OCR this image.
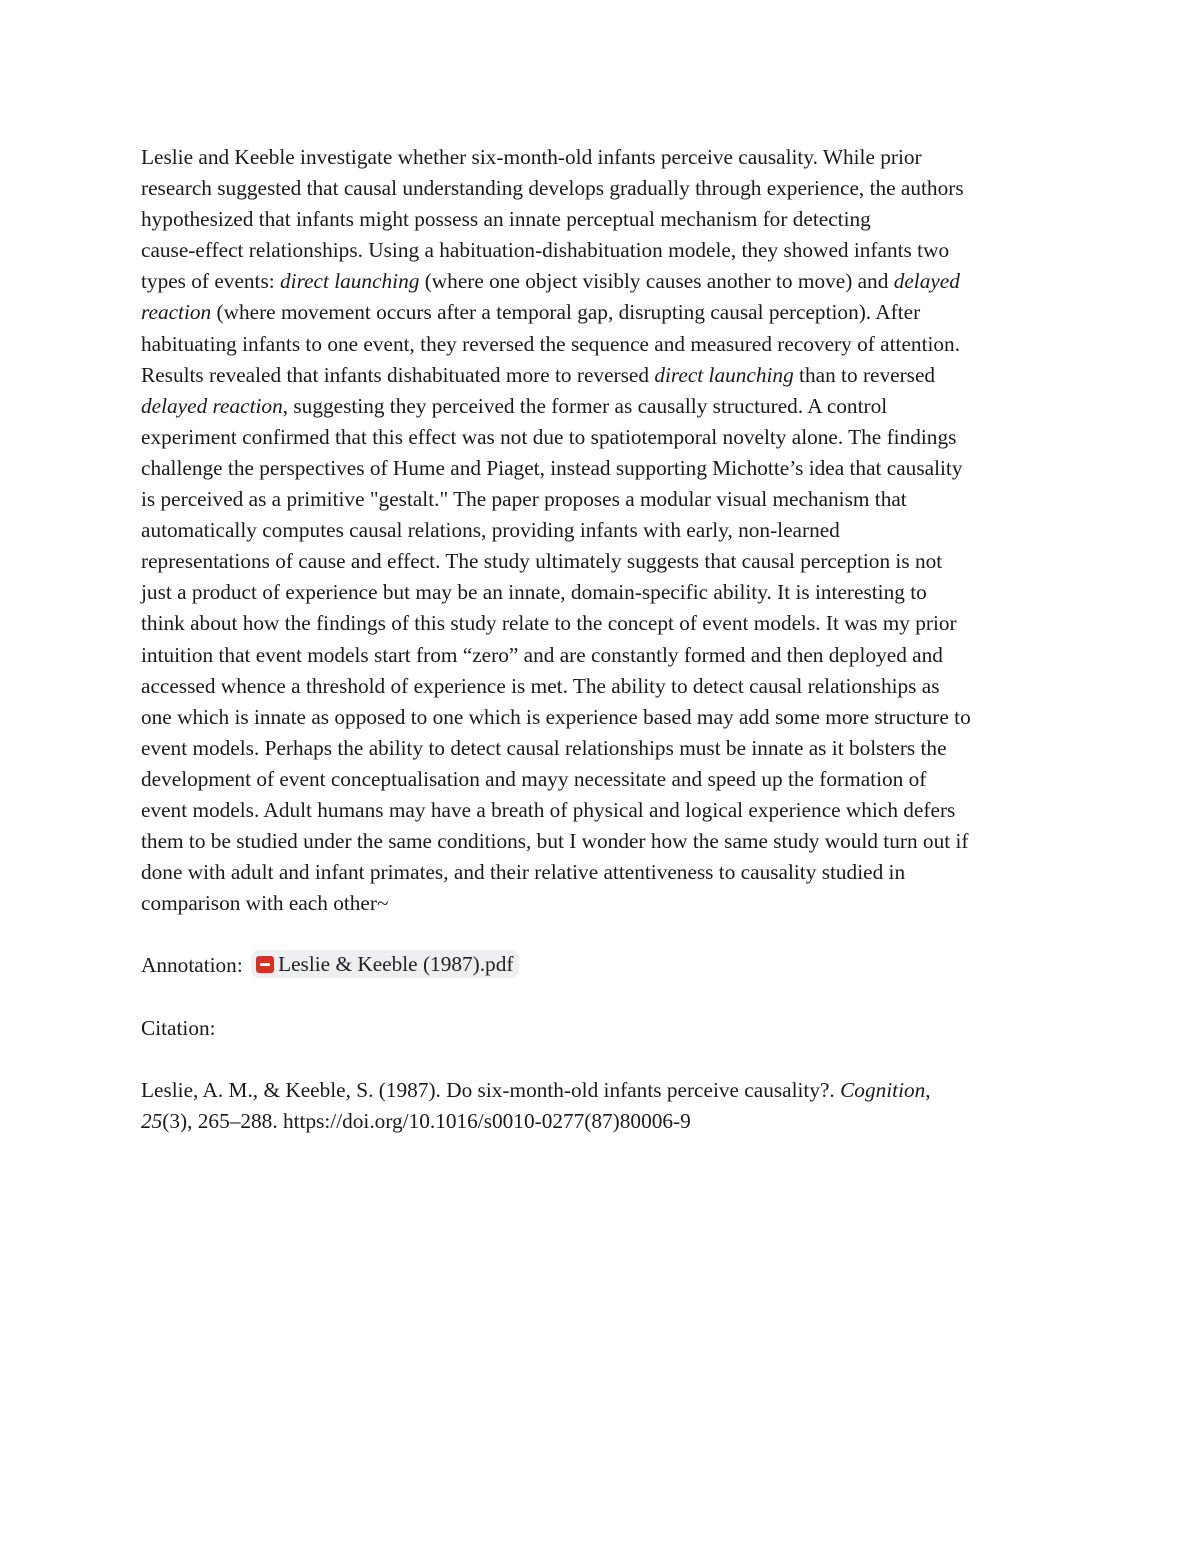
Leslie and Keeble investigate whether six-month-old infants perceive causality. While prior
research suggested that causal understanding develops gradually through experience, the authors
hypothesized that infants might possess an innate perceptual mechanism for detecting
cause-effect relationships. Using a habituation-dishabituation modele, they showed infants two
types of events: direct launching (where one object visibly causes another to move) and delayed
reaction (where movement occurs after a temporal gap, disrupting causal perception). After
habituating infants to one event, they reversed the sequence and measured recovery of attention.
Results revealed that infants dishabituated more to reversed direct launching than to reversed
delayed reaction, suggesting they perceived the former as causally structured. A control
experiment confirmed that this effect was not due to spatiotemporal novelty alone. The findings
challenge the perspectives of Hume and Piaget, instead supporting Michotte’s idea that causality
is perceived as a primitive "gestalt." The paper proposes a modular visual mechanism that
automatically computes causal relations, providing infants with early, non-learned
representations of cause and effect. The study ultimately suggests that causal perception is not
just a product of experience but may be an innate, domain-specific ability. It is interesting to
think about how the findings of this study relate to the concept of event models. It was my prior
intuition that event models start from “zero” and are constantly formed and then deployed and
accessed whence a threshold of experience is met. The ability to detect causal relationships as
one which is innate as opposed to one which is experience based may add some more structure to
event models. Perhaps the ability to detect causal relationships must be innate as it bolsters the
development of event conceptualisation and mayy necessitate and speed up the formation of
event models. Adult humans may have a breath of physical and logical experience which defers
them to be studied under the same conditions, but I wonder how the same study would turn out if
done with adult and infant primates, and their relative attentiveness to causality studied in
comparison with each other~

Annotation: Leslie & Keeble (1987).pdf

Citation:

Leslie, A. M., & Keeble, S. (1987). Do six-month-old infants perceive causality?. Cognition,
25(3), 265–288. https://doi.org/10.1016/s0010-0277(87)80006-9
